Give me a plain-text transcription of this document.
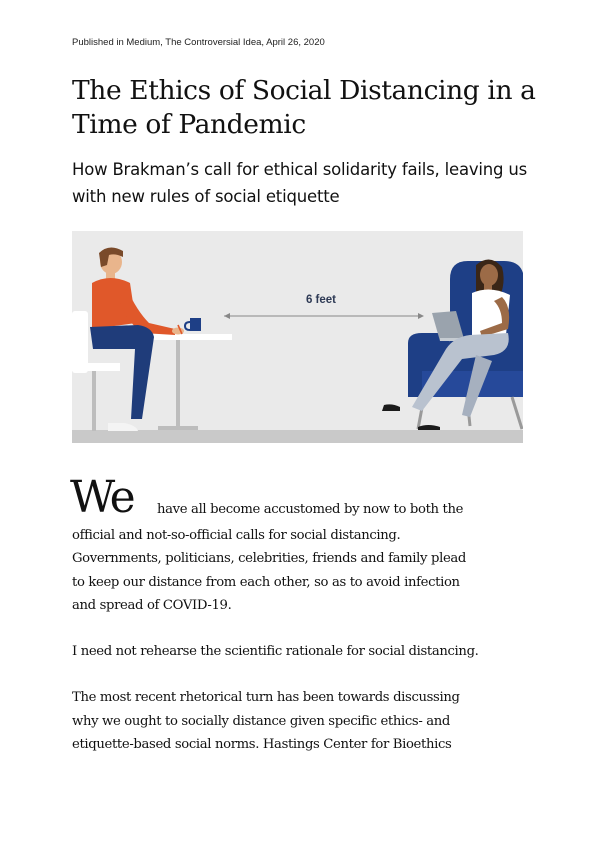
Published in Medium, The Controversial Idea, April 26, 2020
The Ethics of Social Distancing in a Time of Pandemic
How Brakman’s call for ethical solidarity fails, leaving us with new rules of social etiquette
6 feet
We have all become accustomed by now to both the

official and not-so-official calls for social distancing.

Governments, politicians, celebrities, friends and family plead

to keep our distance from each other, so as to avoid infection

and spread of COVID-19.

I need not rehearse the scientific rationale for social distancing.

The most recent rhetorical turn has been towards discussing

why we ought to socially distance given specific ethics- and

etiquette-based social norms. Hastings Center for Bioethics
